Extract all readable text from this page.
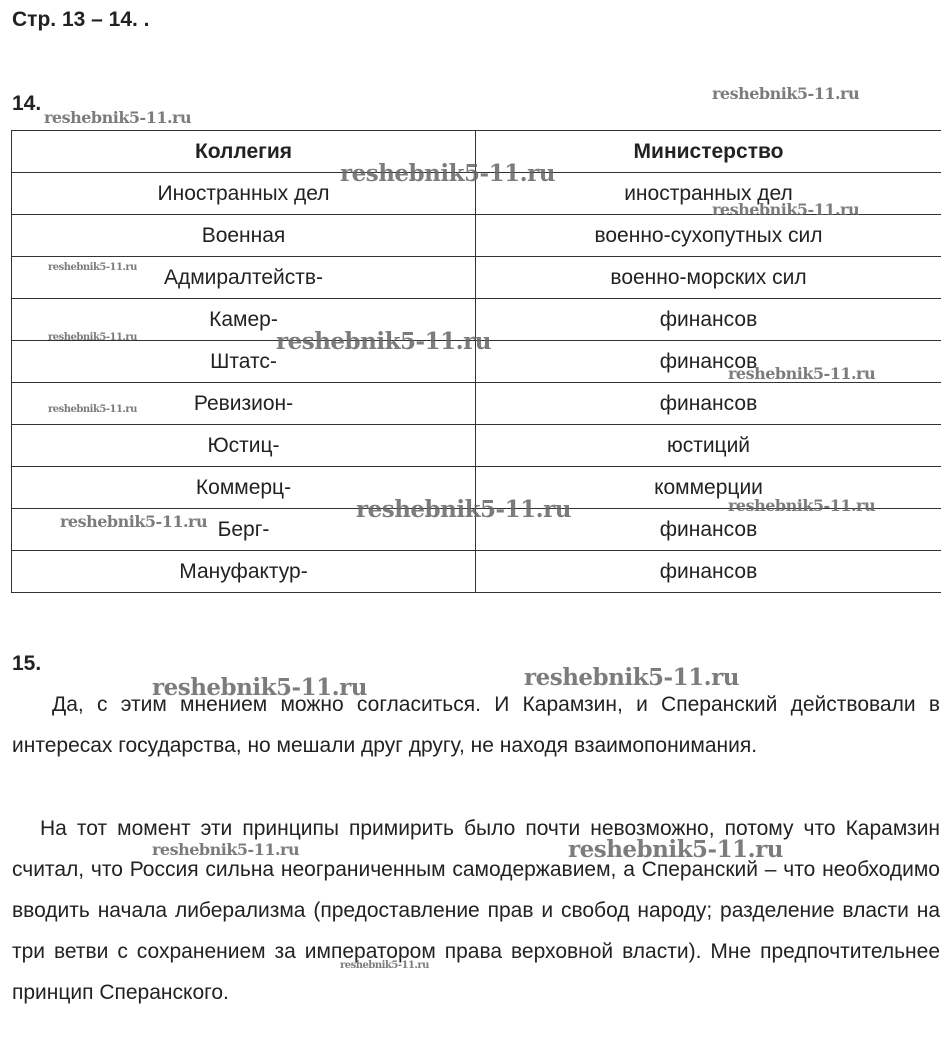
Стр. 13 – 14. .
14.
Коллегия	Министерство
Иностранных дел	иностранных дел
Военная	военно-сухопутных сил
Адмиралтейств-	военно-морских сил
Камер-	финансов
Штатс-	финансов
Ревизион-	финансов
Юстиц-	юстиций
Коммерц-	коммерции
Берг-	финансов
Мануфактур-	финансов
15.
Да, с этим мнением можно согласиться. И Карамзин, и Сперанский действовали в интересах государства, но мешали друг другу, не находя взаимопонимания.
На тот момент эти принципы примирить было почти невозможно, потому что Карамзин считал, что Россия сильна неограниченным самодержавием, а Сперанский – что необходимо вводить начала либерализма (предоставление прав и свобод народу; разделение власти на три ветви с сохранением за императором права верховной власти). Мне предпочтительнее принцип Сперанского.
reshebnik5-11.ru
reshebnik5-11.ru
reshebnik5-11.ru
reshebnik5-11.ru
reshebnik5-11.ru
reshebnik5-11.ru	reshebnik5-11.ru
reshebnik5-11.ru
reshebnik5-11.ru
reshebnik5-11.ru
reshebnik5-11.ru	reshebnik5-11.ru
reshebnik5-11.ru	reshebnik5-11.ru
reshebnik5-11.ru	reshebnik5-11.ru
reshebnik5-11.ru
